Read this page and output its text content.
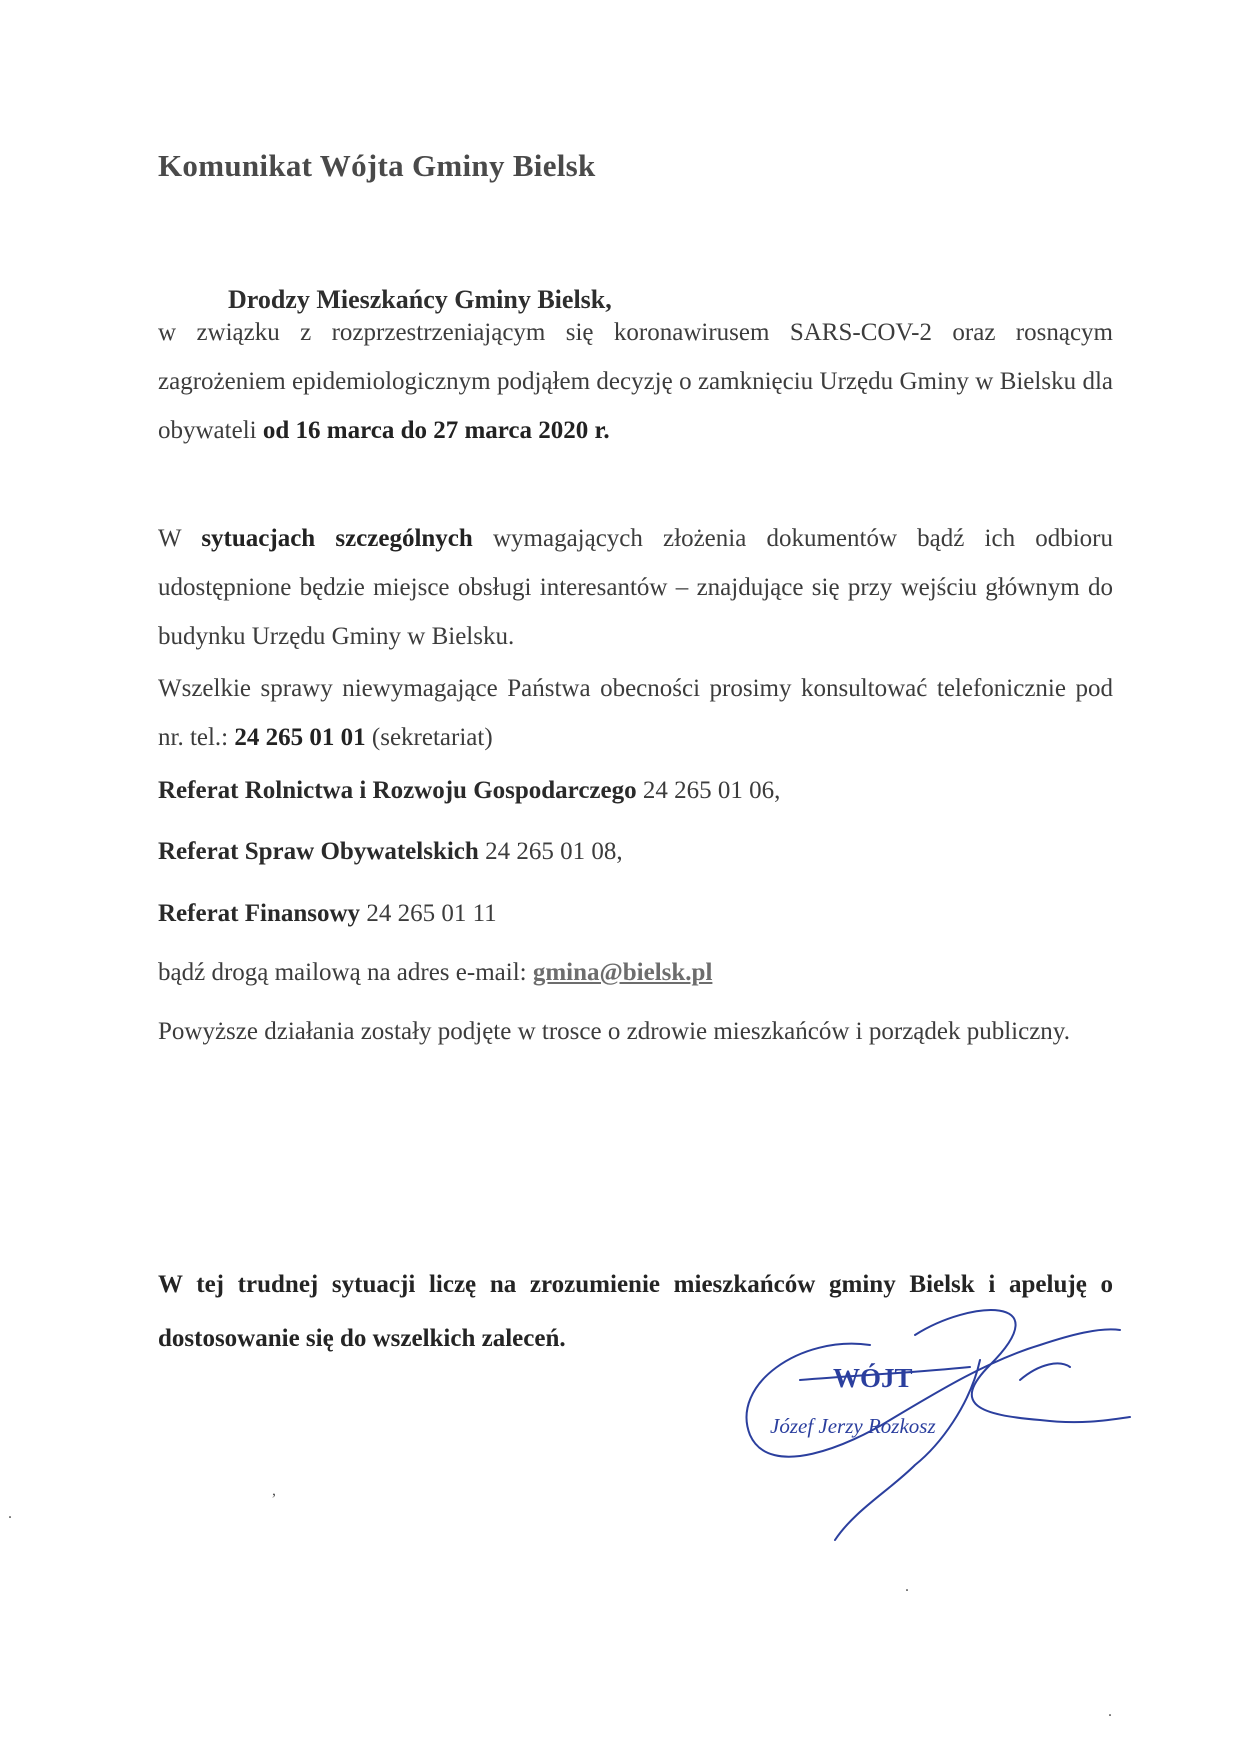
Komunikat Wójta Gminy Bielsk
Drodzy Mieszkańcy Gminy Bielsk,
w związku z rozprzestrzeniającym się koronawirusem SARS-COV-2 oraz rosnącym zagrożeniem epidemiologicznym podjąłem decyzję o zamknięciu Urzędu Gminy w Bielsku dla obywateli od 16 marca do 27 marca 2020 r.
W sytuacjach szczególnych wymagających złożenia dokumentów bądź ich odbioru udostępnione będzie miejsce obsługi interesantów – znajdujące się przy wejściu głównym do budynku Urzędu Gminy w Bielsku.
Wszelkie sprawy niewymagające Państwa obecności prosimy konsultować telefonicznie pod nr. tel.: 24 265 01 01 (sekretariat)
Referat Rolnictwa i Rozwoju Gospodarczego 24 265 01 06,
Referat Spraw Obywatelskich 24 265 01 08,
Referat Finansowy 24 265 01 11
bądź drogą mailową na adres e-mail: gmina@bielsk.pl
Powyższe działania zostały podjęte w trosce o zdrowie mieszkańców i porządek publiczny.
W tej trudnej sytuacji liczę na zrozumienie mieszkańców gminy Bielsk i apeluję o dostosowanie się do wszelkich zaleceń.
WÓJT
Józef Jerzy Rozkosz
,
.
.
.
